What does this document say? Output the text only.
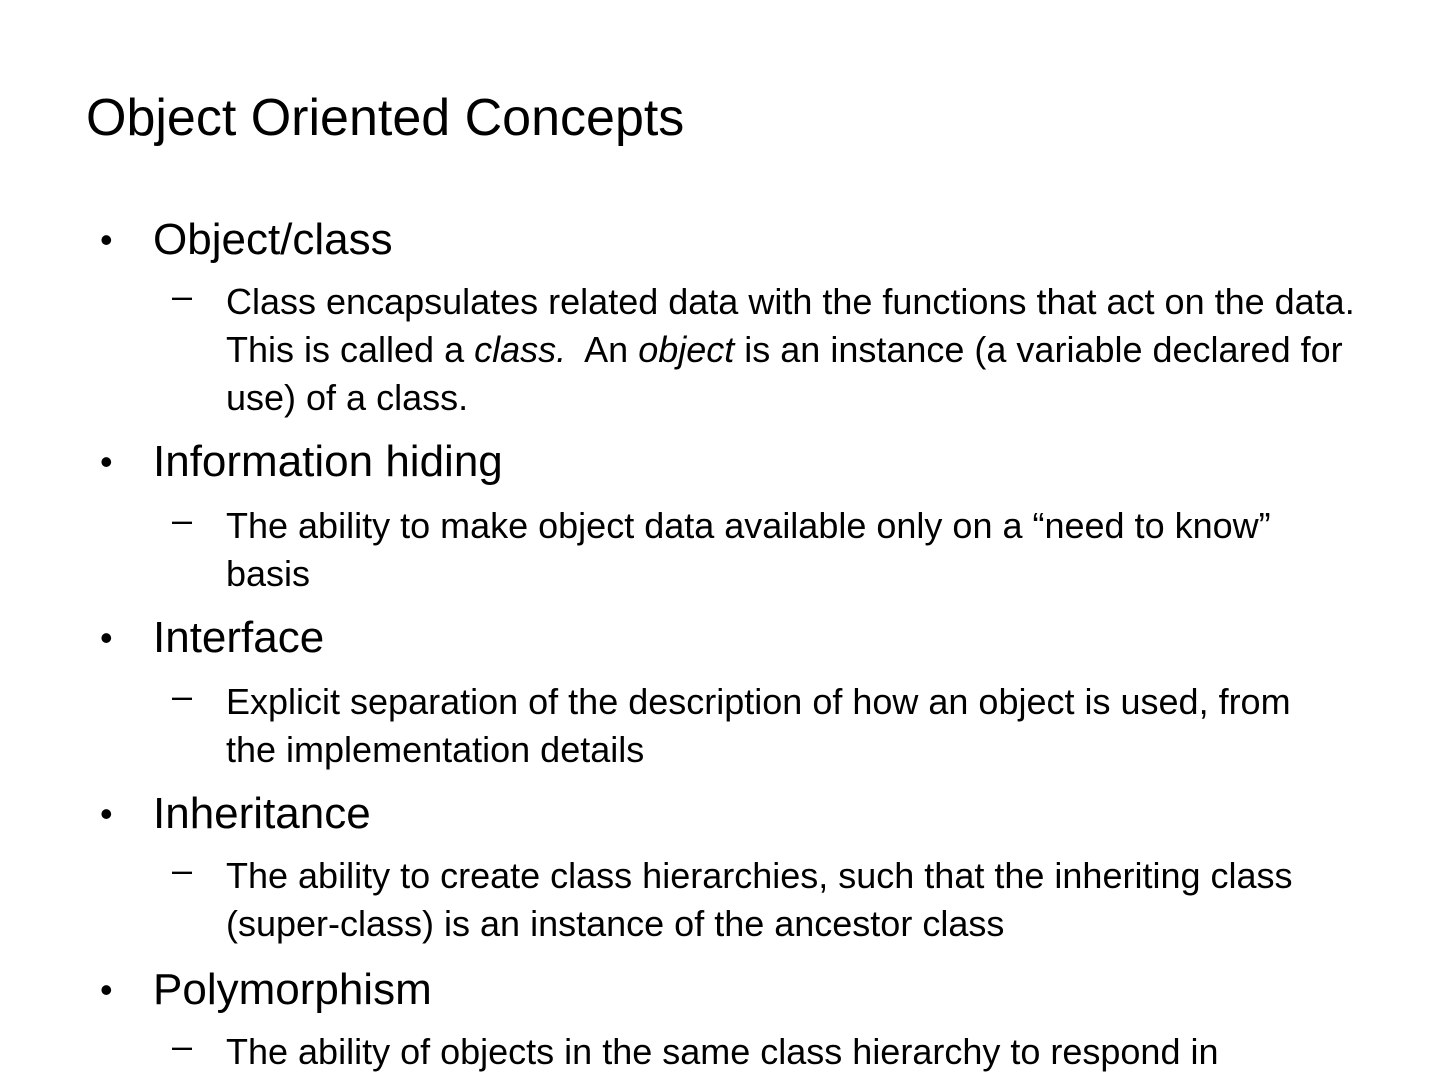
Object Oriented Concepts
• Object/class
– Class encapsulates related data with the functions that act on the data. This is called a class.  An object is an instance (a variable declared for use) of a class.

• Information hiding
– The ability to make object data available only on a “need to know” basis

• Interface
– Explicit separation of the description of how an object is used, from the implementation details

• Inheritance
– The ability to create class hierarchies, such that the inheriting class (super-class) is an instance of the ancestor class

• Polymorphism
– The ability of objects in the same class hierarchy to respond in
